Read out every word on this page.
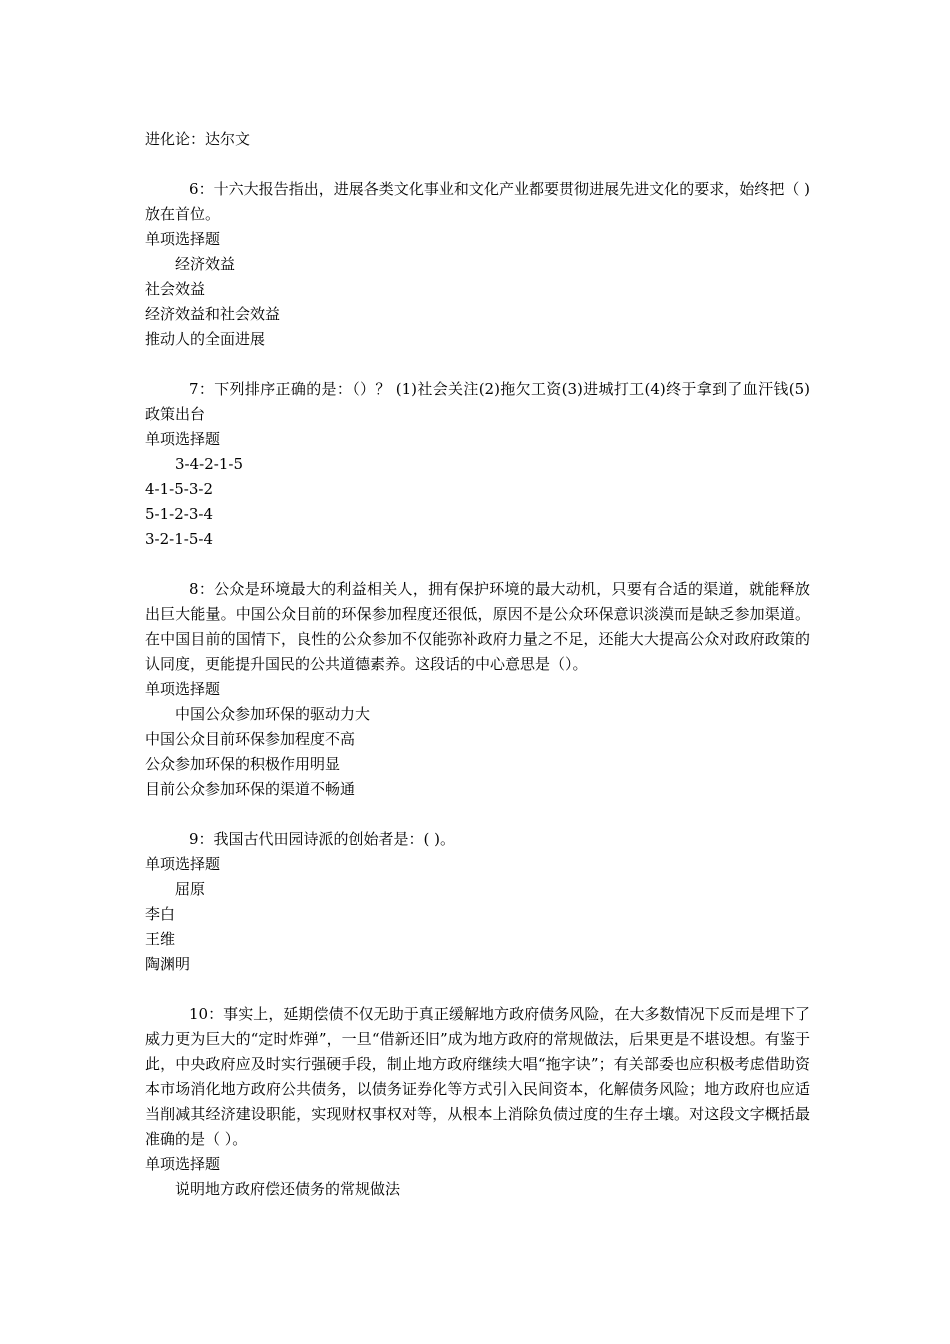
进化论：达尔文
6：十六大报告指出，进展各类文化事业和文化产业都要贯彻进展先进文化的要求，始终把（ )放在首位。
单项选择题
经济效益
社会效益
经济效益和社会效益
推动人的全面进展
7：下列排序正确的是：（）？ (1)社会关注(2)拖欠工资(3)进城打工(4)终于拿到了血汗钱(5)政策出台
单项选择题
3-4-2-1-5
4-1-5-3-2
5-1-2-3-4
3-2-1-5-4
8：公众是环境最大的利益相关人，拥有保护环境的最大动机，只要有合适的渠道，就能释放出巨大能量。中国公众目前的环保参加程度还很低，原因不是公众环保意识淡漠而是缺乏参加渠道。在中国目前的国情下，良性的公众参加不仅能弥补政府力量之不足，还能大大提高公众对政府政策的认同度，更能提升国民的公共道德素养。这段话的中心意思是（）。
单项选择题
中国公众参加环保的驱动力大
中国公众目前环保参加程度不高
公众参加环保的积极作用明显
目前公众参加环保的渠道不畅通
9：我国古代田园诗派的创始者是：( )。
单项选择题
屈原
李白
王维
陶渊明
10：事实上，延期偿债不仅无助于真正缓解地方政府债务风险，在大多数情况下反而是埋下了威力更为巨大的“定时炸弹”，一旦“借新还旧”成为地方政府的常规做法，后果更是不堪设想。有鉴于此，中央政府应及时实行强硬手段，制止地方政府继续大唱“拖字诀”；有关部委也应积极考虑借助资本市场消化地方政府公共债务，以债务证券化等方式引入民间资本，化解债务风险；地方政府也应适当削减其经济建设职能，实现财权事权对等，从根本上消除负债过度的生存土壤。对这段文字概括最准确的是（ ）。
单项选择题
说明地方政府偿还债务的常规做法
